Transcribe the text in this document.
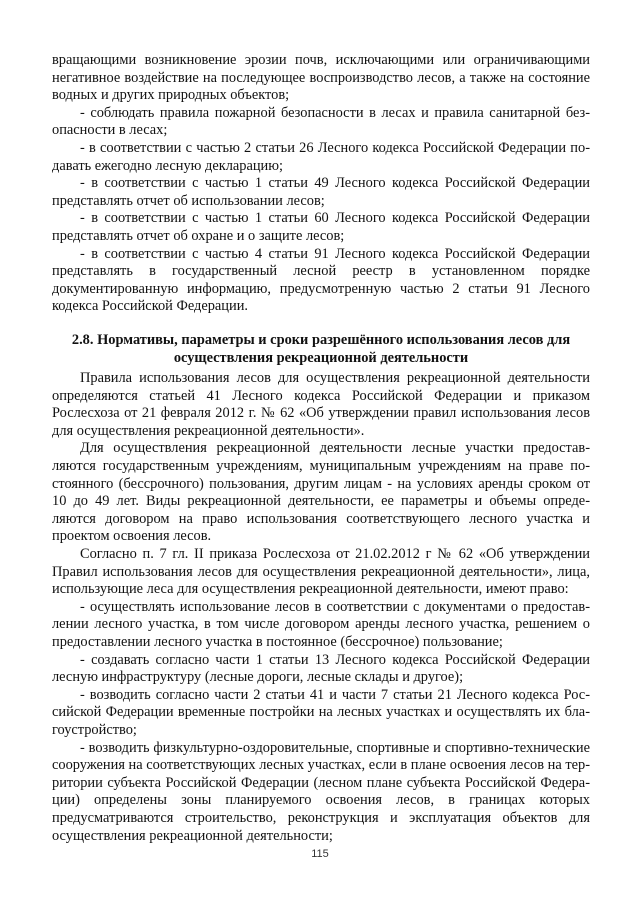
вращающими возникновение эрозии почв, исключающими или ограничивающими негативное воздействие на последующее воспроизводство лесов, а также на состояние водных и других природных объектов;

- соблюдать правила пожарной безопасности в лесах и правила санитарной безопасности в лесах;

- в соответствии с частью 2 статьи 26 Лесного кодекса Российской Федерации подавать ежегодно лесную декларацию;

- в соответствии с частью 1 статьи 49 Лесного кодекса Российской Федерации представлять отчет об использовании лесов;

- в соответствии с частью 1 статьи 60 Лесного кодекса Российской Федерации представлять отчет об охране и о защите лесов;

- в соответствии с частью 4 статьи 91 Лесного кодекса Российской Федерации представлять в государственный лесной реестр в установленном порядке документированную информацию, предусмотренную частью 2 статьи 91 Лесного кодекса Российской Федерации.

2.8. Нормативы, параметры и сроки разрешённого использования лесов для осуществления рекреационной деятельности

Правила использования лесов для осуществления рекреационной деятельности определяются статьей 41 Лесного кодекса Российской Федерации и приказом Рослесхоза от 21 февраля 2012 г. № 62 «Об утверждении правил использования лесов для осуществления рекреационной деятельности».

Для осуществления рекреационной деятельности лесные участки предоставляются государственным учреждениям, муниципальным учреждениям на праве постоянного (бессрочного) пользования, другим лицам - на условиях аренды сроком от 10 до 49 лет. Виды рекреационной деятельности, ее параметры и объемы определяются договором на право использования соответствующего лесного участка и проектом освоения лесов.

Согласно п. 7 гл. II приказа Рослесхоза от 21.02.2012 г № 62 «Об утверждении Правил использования лесов для осуществления рекреационной деятельности», лица, использующие леса для осуществления рекреационной деятельности, имеют право:

- осуществлять использование лесов в соответствии с документами о предоставлении лесного участка, в том числе договором аренды лесного участка, решением о предоставлении лесного участка в постоянное (бессрочное) пользование;

- создавать согласно части 1 статьи 13 Лесного кодекса Российской Федерации лесную инфраструктуру (лесные дороги, лесные склады и другое);

- возводить согласно части 2 статьи 41 и части 7 статьи 21 Лесного кодекса Российской Федерации временные постройки на лесных участках и осуществлять их благоустройство;

- возводить физкультурно-оздоровительные, спортивные и спортивно-технические сооружения на соответствующих лесных участках, если в плане освоения лесов на территории субъекта Российской Федерации (лесном плане субъекта Российской Федерации) определены зоны планируемого освоения лесов, в границах которых предусматриваются строительство, реконструкция и эксплуатация объектов для осуществления рекреационной деятельности;

115
